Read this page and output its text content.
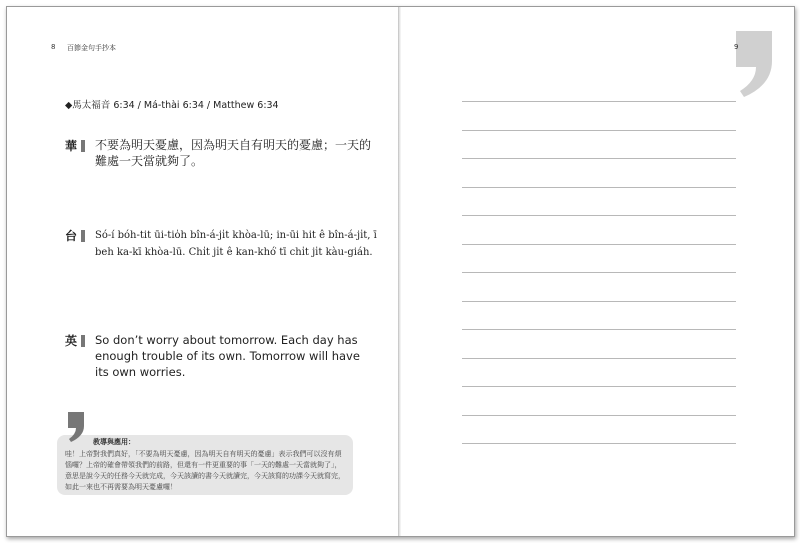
8 百節金句手抄本
◆馬太福音 6:34 / Má-thài 6:34 / Matthew 6:34
華 不要為明天憂慮，因為明天自有明天的憂慮；一天的難處一天當就夠了。
台 Só-í bóh-tit ūi-tio̍h bîn-á-ji̍t khòa-lū; in-ūi hit ê bîn-á-ji̍t, ī beh ka-kī khòa-lū. Chi̍t ji̍t ê kan-khó͘ tī chi̍t ji̍t kàu-giáh.
英 So don’t worry about tomorrow. Each day has enough trouble of its own. Tomorrow will have its own worries.
教導與應用：
哇！上帝對我們真好，「不要為明天憂慮，因為明天自有明天的憂慮」表示我們可以沒有煩惱囉？上帝的確會帶領我們的前路，但還有一件更重要的事「一天的難處一天當就夠了」，意思是說今天的任務今天就完成，今天該讀的書今天就讀完，今天該寫的功課今天就寫完，如此一來也不再需要為明天憂慮囉！
9
